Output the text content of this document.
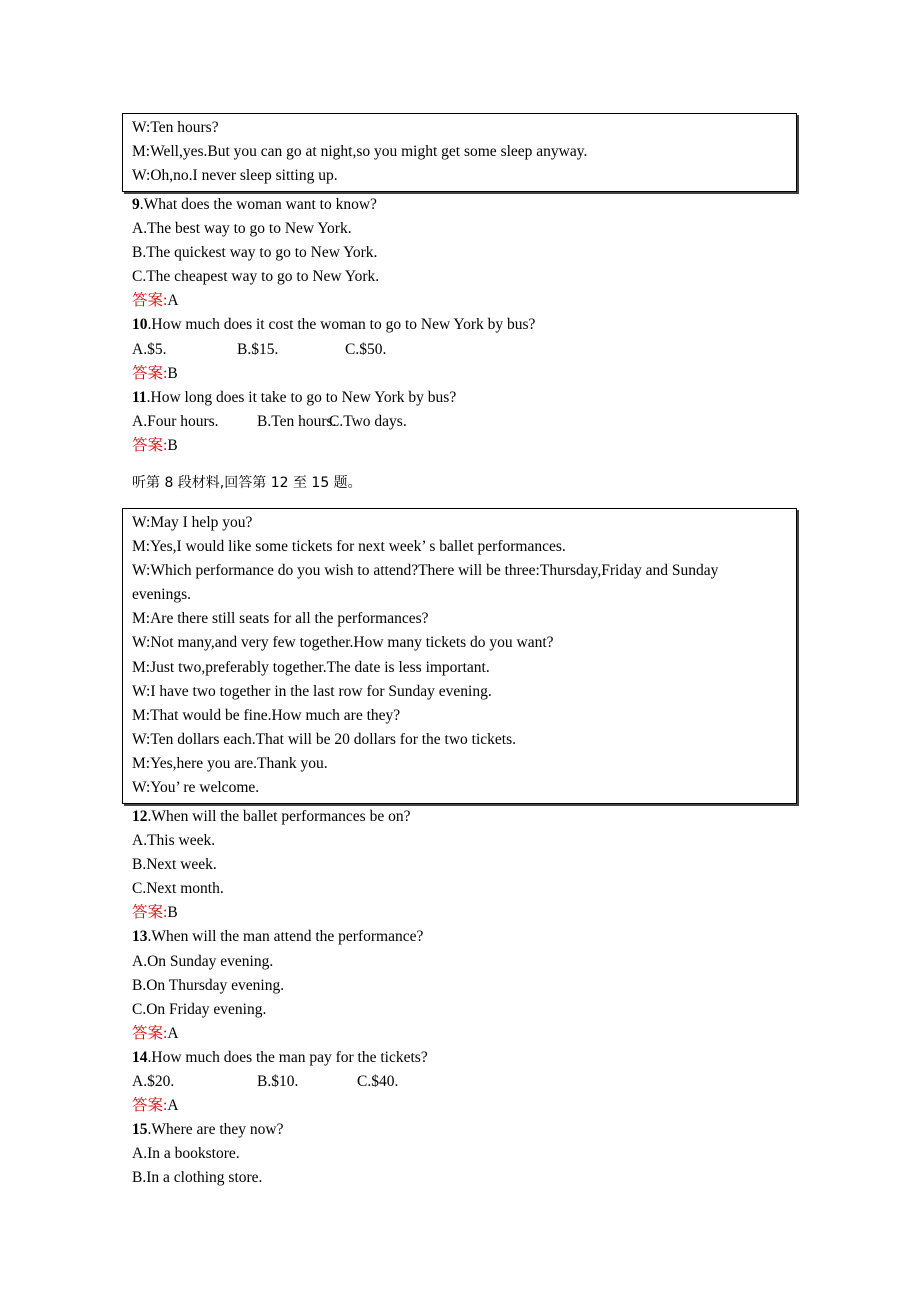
W:Ten hours?
M:Well,yes.But you can go at night,so you might get some sleep anyway.
W:Oh,no.I never sleep sitting up.
9.What does the woman want to know?
A.The best way to go to New York.
B.The quickest way to go to New York.
C.The cheapest way to go to New York.
答案:A
10.How much does it cost the woman to go to New York by bus?
A.$5.	B.$15.	C.$50.
答案:B
11.How long does it take to go to New York by bus?
A.Four hours. B.Ten hours.
C.Two days.
答案:B
听第 8 段材料,回答第 12 至 15 题。
W:May I help you?
M:Yes,I would like some tickets for next week’ s ballet performances.
W:Which performance do you wish to attend?There will be three:Thursday,Friday and Sunday
evenings.
M:Are there still seats for all the performances?
W:Not many,and very few together.How many tickets do you want?
M:Just two,preferably together.The date is less important.
W:I have two together in the last row for Sunday evening.
M:That would be fine.How much are they?
W:Ten dollars each.That will be 20 dollars for the two tickets.
M:Yes,here you are.Thank you.
W:You’ re welcome.
12.When will the ballet performances be on?
A.This week.
B.Next week.
C.Next month.
答案:B
13.When will the man attend the performance?
A.On Sunday evening.
B.On Thursday evening.
C.On Friday evening.
答案:A
14.How much does the man pay for the tickets?
A.$20.	B.$10.	C.$40.
答案:A
15.Where are they now?
A.In a bookstore.
B.In a clothing store.
